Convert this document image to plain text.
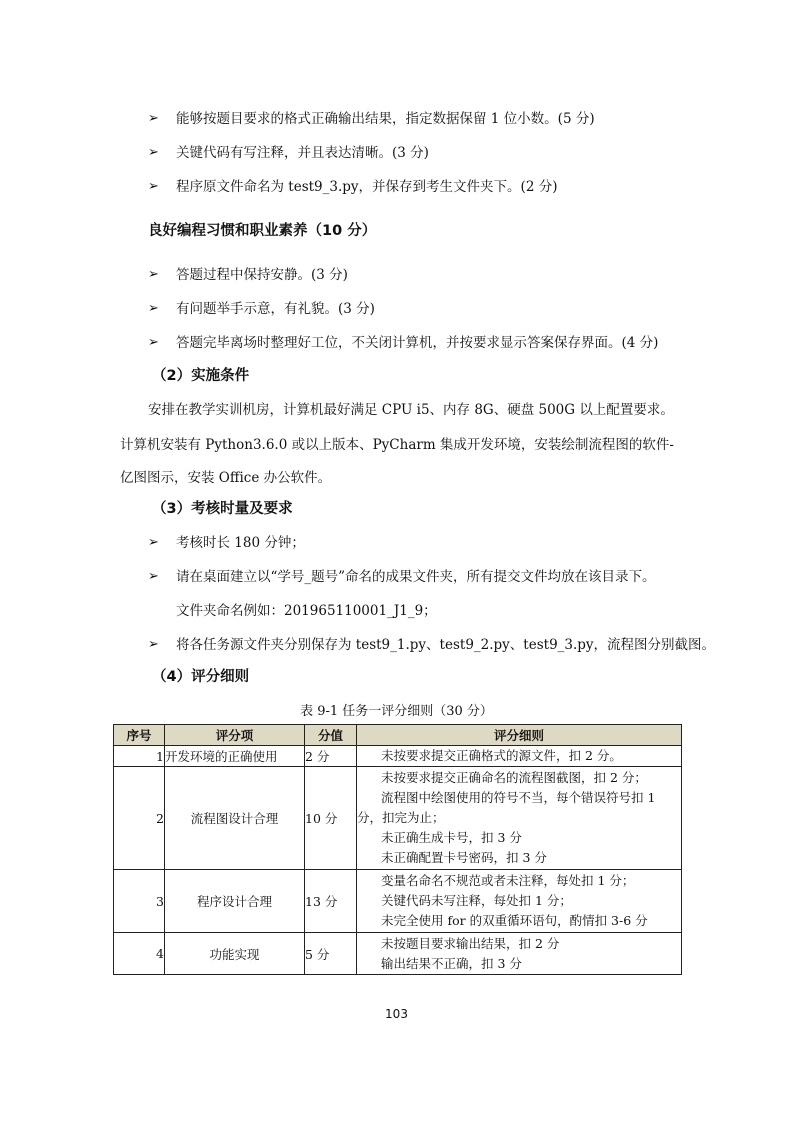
➢ 能够按题目要求的格式正确输出结果，指定数据保留 1 位小数。(5 分)
➢ 关键代码有写注释，并且表达清晰。(3 分)
➢ 程序原文件命名为 test9_3.py，并保存到考生文件夹下。(2 分)
良好编程习惯和职业素养（10 分）
➢ 答题过程中保持安静。(3 分)
➢ 有问题举手示意，有礼貌。(3 分)
➢ 答题完毕离场时整理好工位，不关闭计算机，并按要求显示答案保存界面。(4 分)
（2）实施条件
安排在教学实训机房，计算机最好满足 CPU i5、内存 8G、硬盘 500G 以上配置要求。
计算机安装有 Python3.6.0 或以上版本、PyCharm 集成开发环境，安装绘制流程图的软件-
亿图图示，安装 Office 办公软件。
（3）考核时量及要求
➢ 考核时长 180 分钟；
➢ 请在桌面建立以“学号_题号”命名的成果文件夹，所有提交文件均放在该目录下。
文件夹命名例如：201965110001_J1_9；
➢ 将各任务源文件夹分别保存为 test9_1.py、test9_2.py、test9_3.py，流程图分别截图。
（4）评分细则
表 9-1 任务一评分细则（30 分）
序号	评分项	分值	评分细则
1	开发环境的正确使用	2 分	未按要求提交正确格式的源文件，扣 2 分。

2	流程图设计合理	10 分	未按要求提交正确命名的流程图截图，扣 2 分；
流程图中绘图使用的符号不当，每个错误符号扣 1 分，扣完为止；
未正确生成卡号，扣 3 分
未正确配置卡号密码，扣 3 分

3	程序设计合理	13 分	变量名命名不规范或者未注释，每处扣 1 分；
关键代码未写注释，每处扣 1 分；
未完全使用 for 的双重循环语句，酌情扣 3-6 分

4	功能实现	5 分	未按题目要求输出结果，扣 2 分
输出结果不正确，扣 3 分
103
